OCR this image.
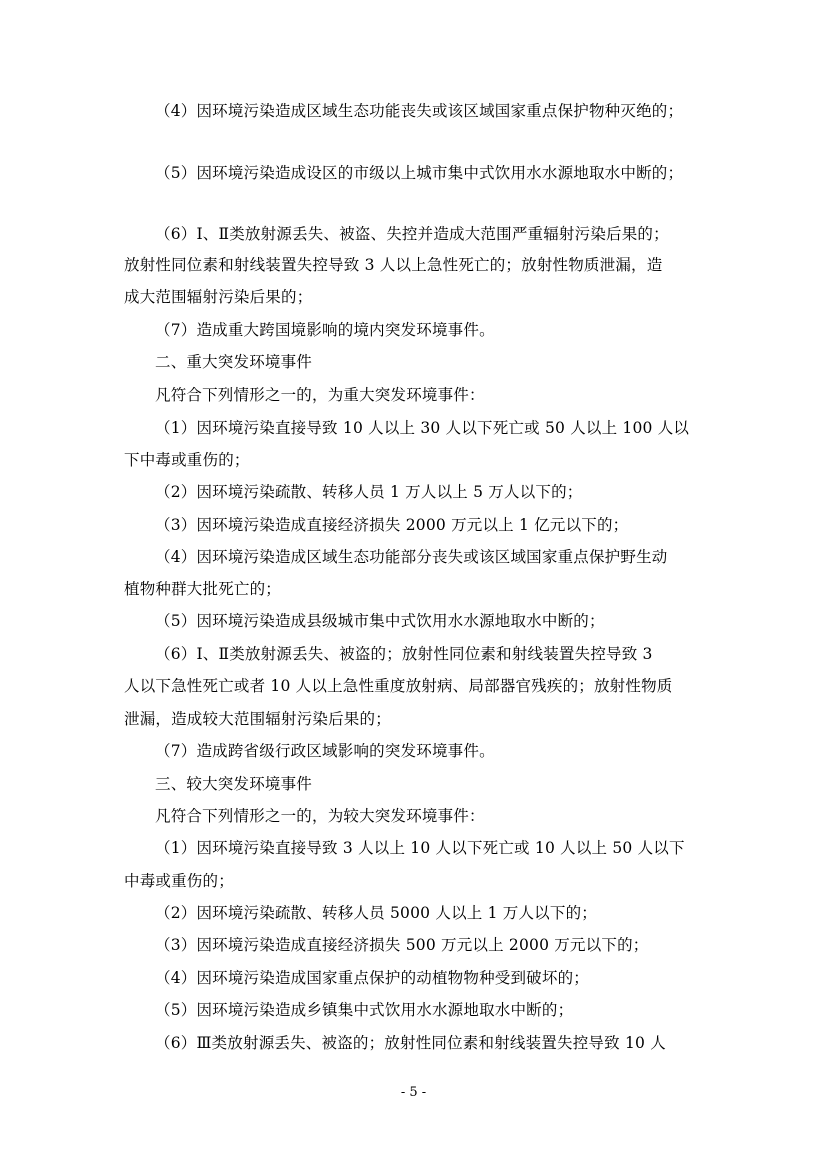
（4）因环境污染造成区域生态功能丧失或该区域国家重点保护物种灭绝的；
（5）因环境污染造成设区的市级以上城市集中式饮用水水源地取水中断的；
（6）Ⅰ、Ⅱ类放射源丢失、被盗、失控并造成大范围严重辐射污染后果的；
放射性同位素和射线装置失控导致 3 人以上急性死亡的；放射性物质泄漏，造
成大范围辐射污染后果的；
（7）造成重大跨国境影响的境内突发环境事件。
二、重大突发环境事件
凡符合下列情形之一的，为重大突发环境事件：
（1）因环境污染直接导致 10 人以上 30 人以下死亡或 50 人以上 100 人以
下中毒或重伤的；
（2）因环境污染疏散、转移人员 1 万人以上 5 万人以下的；
（3）因环境污染造成直接经济损失 2000 万元以上 1 亿元以下的；
（4）因环境污染造成区域生态功能部分丧失或该区域国家重点保护野生动
植物种群大批死亡的；
（5）因环境污染造成县级城市集中式饮用水水源地取水中断的；
（6）Ⅰ、Ⅱ类放射源丢失、被盗的；放射性同位素和射线装置失控导致 3
人以下急性死亡或者 10 人以上急性重度放射病、局部器官残疾的；放射性物质
泄漏，造成较大范围辐射污染后果的；
（7）造成跨省级行政区域影响的突发环境事件。
三、较大突发环境事件
凡符合下列情形之一的，为较大突发环境事件：
（1）因环境污染直接导致 3 人以上 10 人以下死亡或 10 人以上 50 人以下
中毒或重伤的；
（2）因环境污染疏散、转移人员 5000 人以上 1 万人以下的；
（3）因环境污染造成直接经济损失 500 万元以上 2000 万元以下的；
（4）因环境污染造成国家重点保护的动植物物种受到破坏的；
（5）因环境污染造成乡镇集中式饮用水水源地取水中断的；
（6）Ⅲ类放射源丢失、被盗的；放射性同位素和射线装置失控导致 10 人
- 5 -
